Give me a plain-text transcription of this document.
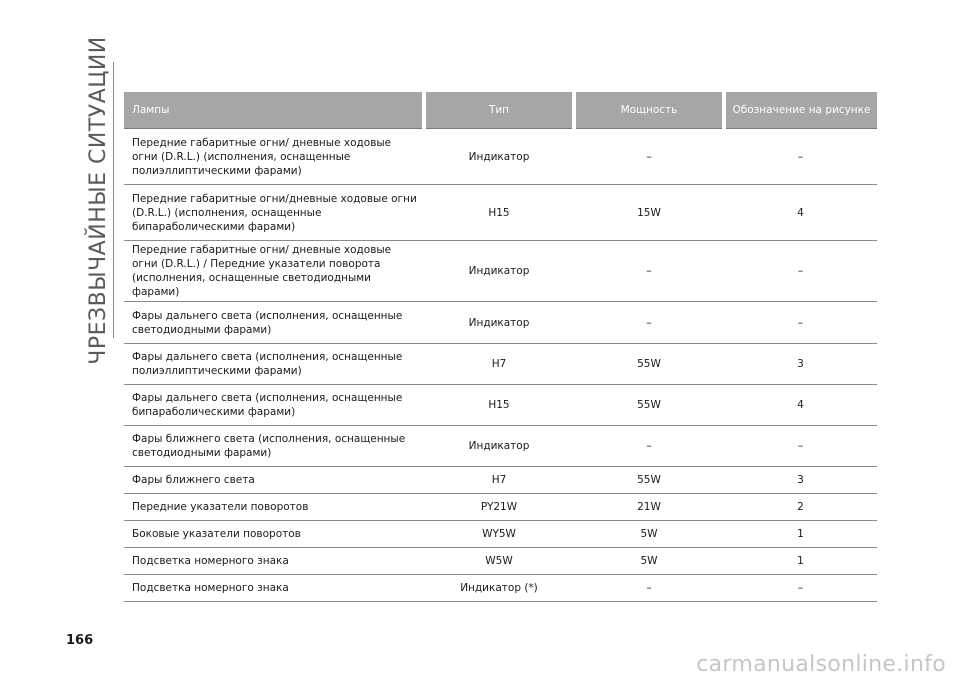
ЧРЕЗВЫЧАЙНЫЕ СИТУАЦИИ Лампы	Тип	Мощность	Обозначение на рисунке
Передние габаритные огни/ дневные ходовые огни (D.R.L.) (исполнения, оснащенные полиэллиптическими фарами)	Индикатор	–	–
Передние габаритные огни/дневные ходовые огни (D.R.L.) (исполнения, оснащенные бипараболическими фарами)	H15	15W	4
Передние габаритные огни/ дневные ходовые огни (D.R.L.) / Передние указатели поворота (исполнения, оснащенные светодиодными фарами)	Индикатор	–	–
Фары дальнего света (исполнения, оснащенные светодиодными фарами)	Индикатор	–	–
Фары дальнего света (исполнения, оснащенные полиэллиптическими фарами)	H7	55W	3
Фары дальнего света (исполнения, оснащенные бипараболическими фарами)	H15	55W	4
Фары ближнего света (исполнения, оснащенные светодиодными фарами)	Индикатор	–	–
Фары ближнего света	H7	55W	3
Передние указатели поворотов	PY21W	21W	2
Боковые указатели поворотов	WY5W	5W	1
Подсветка номерного знака	W5W	5W	1
Подсветка номерного знака	Индикатор (*)	–	–
166
carmanualsonline.info
